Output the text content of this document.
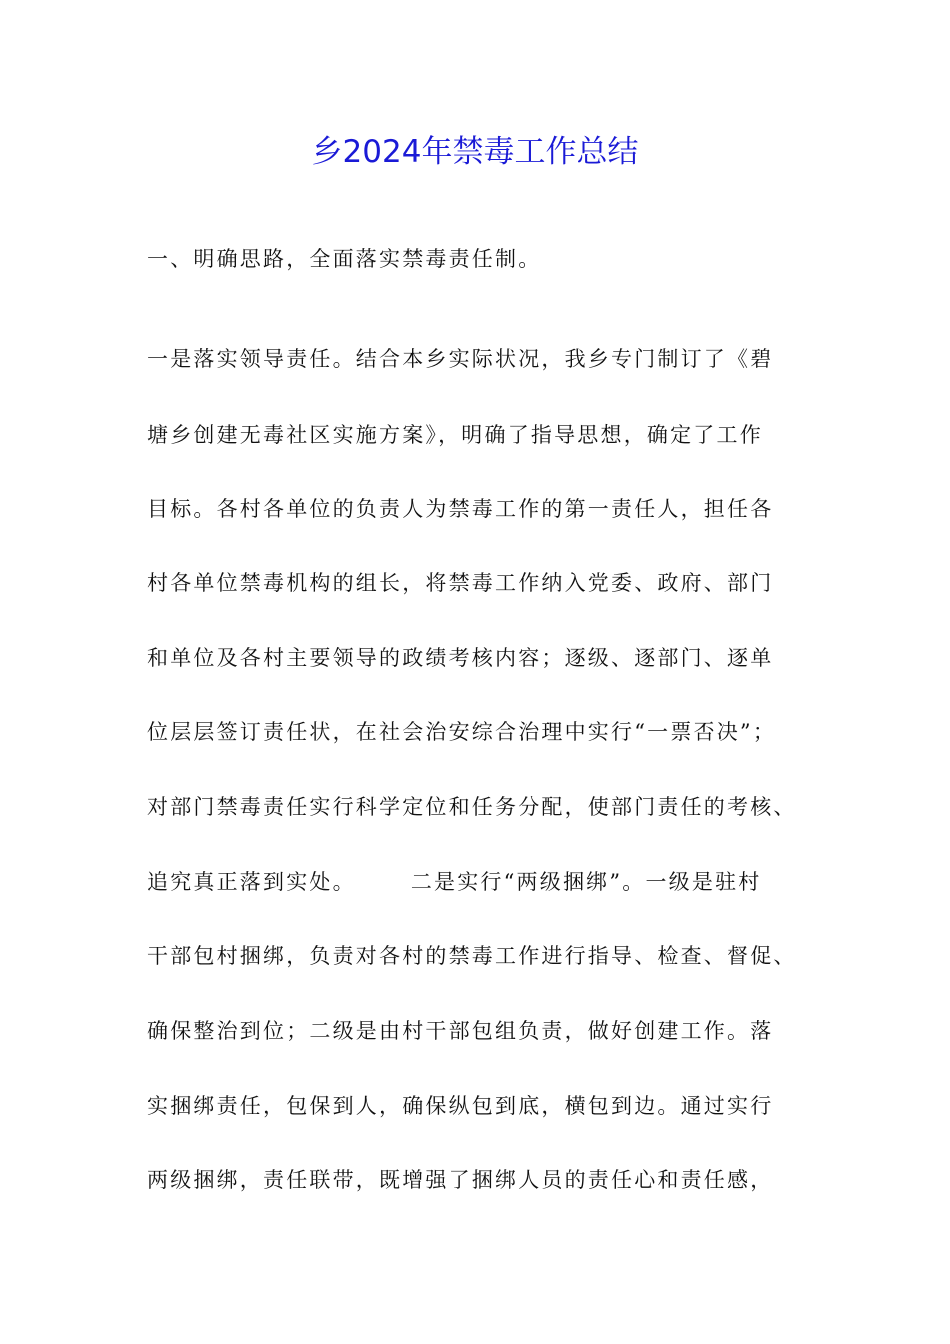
乡2024年禁毒工作总结

一、明确思路，全面落实禁毒责任制。

一是落实领导责任。结合本乡实际状况，我乡专门制订了《碧

塘乡创建无毒社区实施方案》，明确了指导思想，确定了工作

目标。各村各单位的负责人为禁毒工作的第一责任人，担任各

村各单位禁毒机构的组长，将禁毒工作纳入党委、政府、部门

和单位及各村主要领导的政绩考核内容；逐级、逐部门、逐单

位层层签订责任状，在社会治安综合治理中实行“一票否决”；

对部门禁毒责任实行科学定位和任务分配，使部门责任的考核、

追究真正落到实处。	二是实行“两级捆绑”。一级是驻村

干部包村捆绑，负责对各村的禁毒工作进行指导、检查、督促、

确保整治到位；二级是由村干部包组负责，做好创建工作。落

实捆绑责任，包保到人，确保纵包到底，横包到边。通过实行

两级捆绑，责任联带，既增强了捆绑人员的责任心和责任感，
